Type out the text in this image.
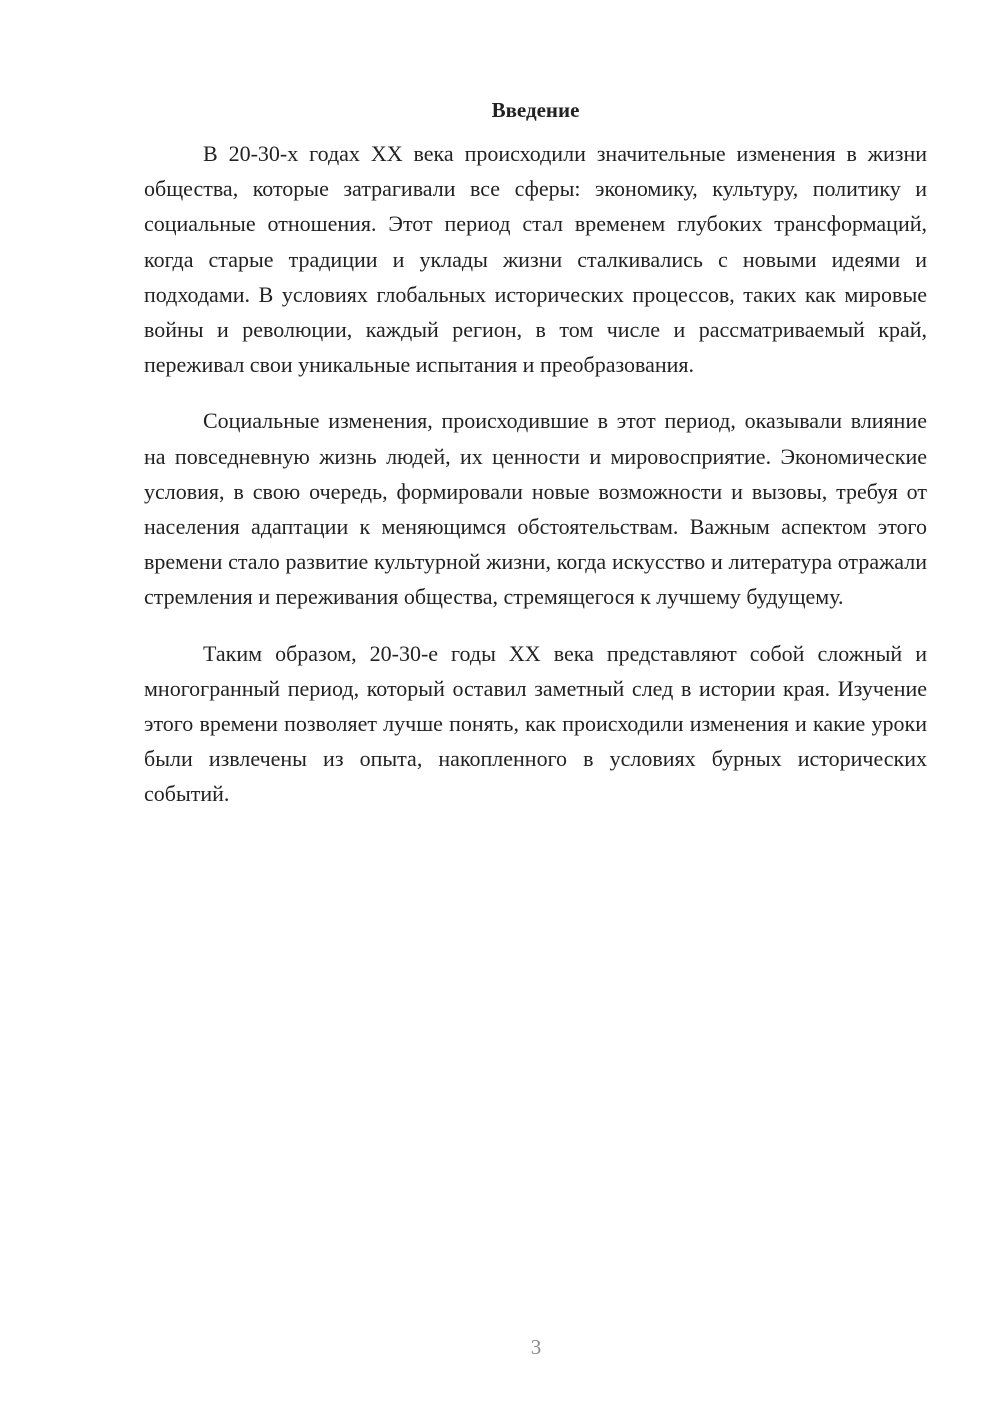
Введение

В 20-30-х годах XX века происходили значительные изменения в жизни общества, которые затрагивали все сферы: экономику, культуру, политику и социальные отношения. Этот период стал временем глубоких трансформаций, когда старые традиции и уклады жизни сталкивались с новыми идеями и подходами. В условиях глобальных исторических процессов, таких как мировые войны и революции, каждый регион, в том числе и рассматриваемый край, переживал свои уникальные испытания и преобразования.

Социальные изменения, происходившие в этот период, оказывали влияние на повседневную жизнь людей, их ценности и мировосприятие. Экономические условия, в свою очередь, формировали новые возможности и вызовы, требуя от населения адаптации к меняющимся обстоятельствам. Важным аспектом этого времени стало развитие культурной жизни, когда искусство и литература отражали стремления и переживания общества, стремящегося к лучшему будущему.

Таким образом, 20-30-е годы XX века представляют собой сложный и многогранный период, который оставил заметный след в истории края. Изучение этого времени позволяет лучше понять, как происходили изменения и какие уроки были извлечены из опыта, накопленного в условиях бурных исторических событий.

3
